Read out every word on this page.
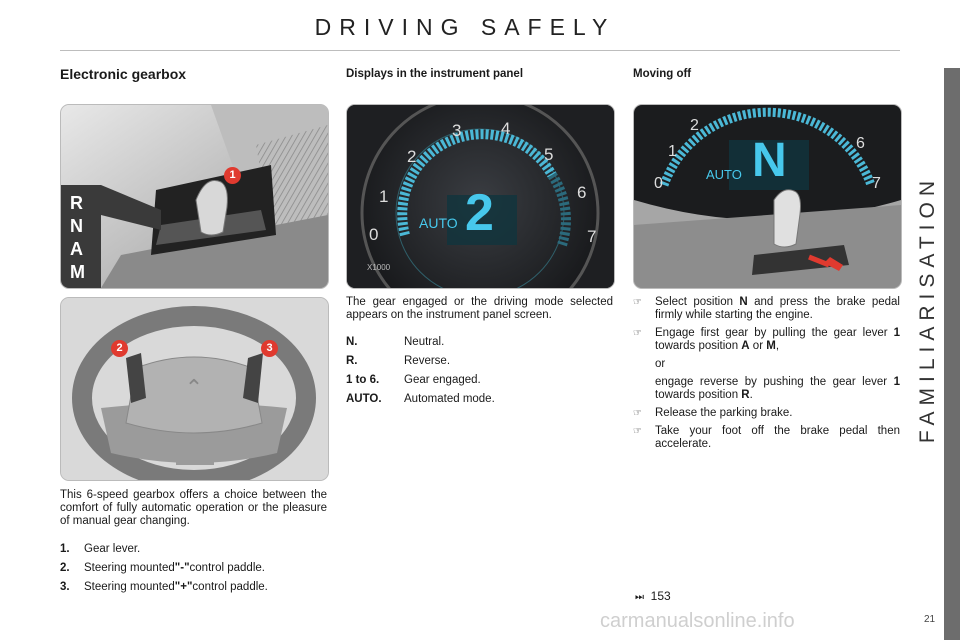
DRIVING SAFELY
FAMILIARISATION
Electronic gearbox
R
N
A
M
1
⌃
2	3
This 6-speed gearbox offers a choice between the comfort of fully automatic operation or the pleasure of manual gear changing.
1.	Gear lever.
2.	Steering mounted "-" control paddle.
3.	Steering mounted "+" control paddle.
Displays in the instrument panel
0
1
2
3 4
5
6
7
X1000
2
AUTO
The gear engaged or the driving mode selected appears on the instrument panel screen.
N.	Neutral.
R.	Reverse.
1 to 6.	Gear engaged.
AUTO.	Automated mode.
Moving off
0
1
2
6
7
N
AUTO
☞	Select position N and press the brake pedal firmly while starting the engine.
☞	Engage first gear by pulling the gear lever 1 towards position A or M,
or
engage reverse by pushing the gear lever 1 towards position R.
☞	Release the parking brake.
☞	Take your foot off the brake pedal then accelerate.
⏭ 153
carmanualsonline.info	21
